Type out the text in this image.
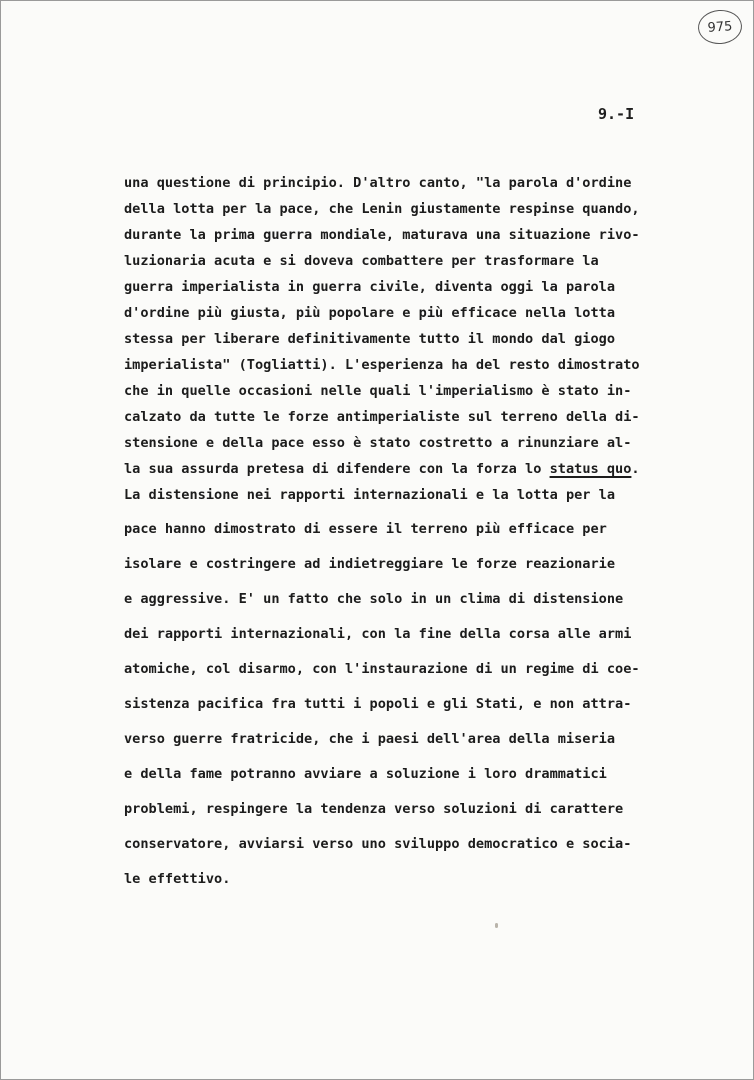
975
9.-I
una questione di principio. D'altro canto, "la parola d'ordine
della lotta per la pace, che Lenin giustamente respinse quando,
durante la prima guerra mondiale, maturava una situazione rivo-
luzionaria acuta e si doveva combattere per trasformare la
guerra imperialista in guerra civile, diventa oggi la parola
d'ordine più giusta, più popolare e più efficace nella lotta
stessa per liberare definitivamente tutto il mondo dal giogo
imperialista" (Togliatti). L'esperienza ha del resto dimostrato
che in quelle occasioni nelle quali l'imperialismo è stato in-
calzato da tutte le forze antimperialiste sul terreno della di-
stensione e della pace esso è stato costretto a rinunziare al-
la sua assurda pretesa di difendere con la forza lo status quo.
La distensione nei rapporti internazionali e la lotta per la
pace hanno dimostrato di essere il terreno più efficace per
isolare e costringere ad indietreggiare le forze reazionarie
e aggressive. E' un fatto che solo in un clima di distensione
dei rapporti internazionali, con la fine della corsa alle armi
atomiche, col disarmo, con l'instaurazione di un regime di coe-
sistenza pacifica fra tutti i popoli e gli Stati, e non attra-
verso guerre fratricide, che i paesi dell'area della miseria
e della fame potranno avviare a soluzione i loro drammatici
problemi, respingere la tendenza verso soluzioni di carattere
conservatore, avviarsi verso uno sviluppo democratico e socia-
le effettivo.
